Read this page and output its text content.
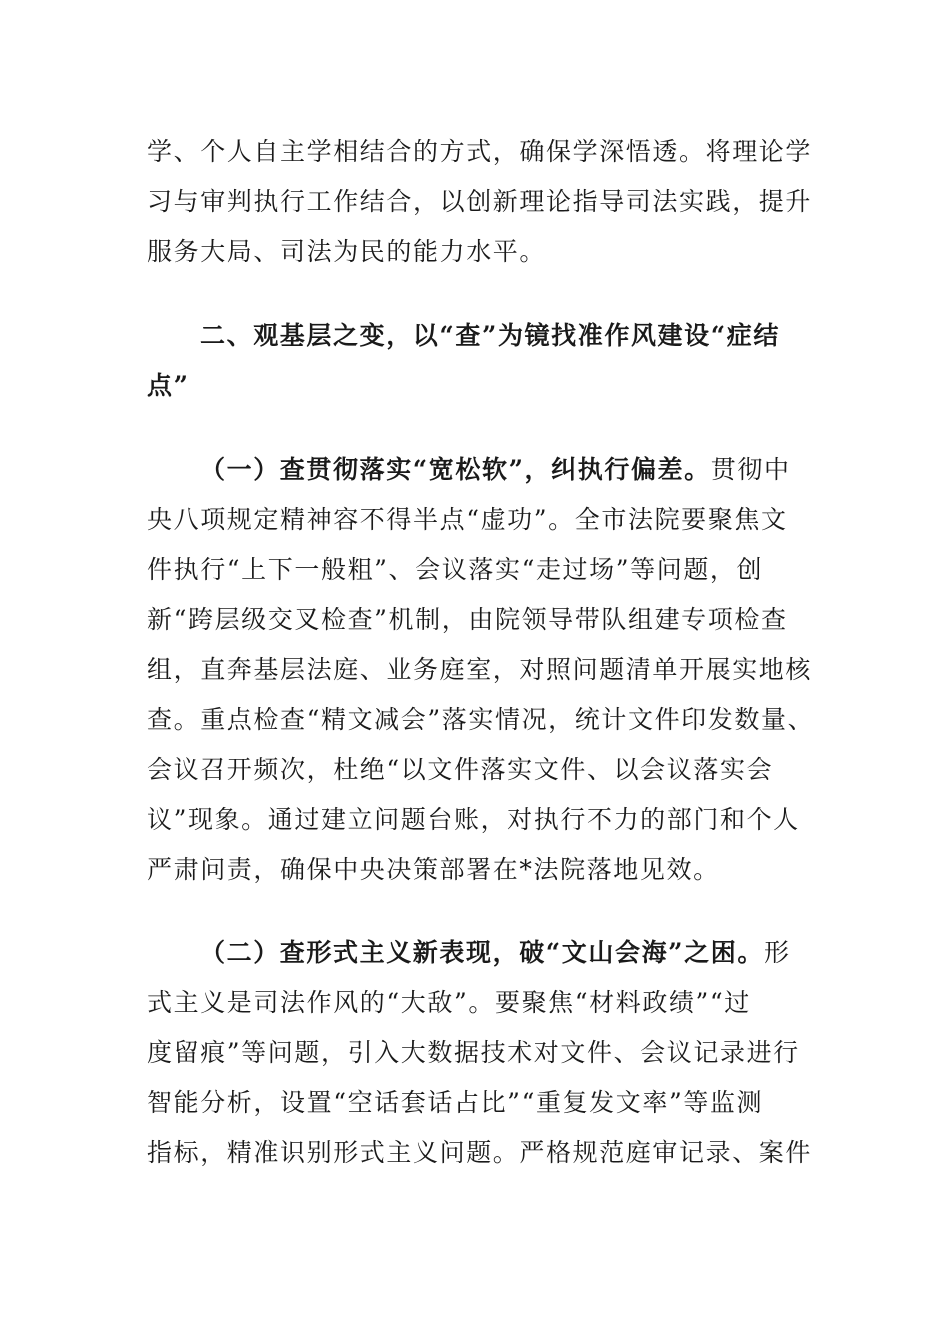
学、个人自主学相结合的方式，确保学深悟透。将理论学
习与审判执行工作结合，以创新理论指导司法实践，提升
服务大局、司法为民的能力水平。
二、观基层之变，以“查”为镜找准作风建设“症结
点”
（一）查贯彻落实“宽松软”，纠执行偏差。贯彻中
央八项规定精神容不得半点“虚功”。全市法院要聚焦文
件执行“上下一般粗”、会议落实“走过场”等问题，创
新“跨层级交叉检查”机制，由院领导带队组建专项检查
组，直奔基层法庭、业务庭室，对照问题清单开展实地核
查。重点检查“精文减会”落实情况，统计文件印发数量、
会议召开频次，杜绝“以文件落实文件、以会议落实会
议”现象。通过建立问题台账，对执行不力的部门和个人
严肃问责，确保中央决策部署在*法院落地见效。
（二）查形式主义新表现，破“文山会海”之困。形
式主义是司法作风的“大敌”。要聚焦“材料政绩”“过
度留痕”等问题，引入大数据技术对文件、会议记录进行
智能分析，设置“空话套话占比”“重复发文率”等监测
指标，精准识别形式主义问题。严格规范庭审记录、案件
